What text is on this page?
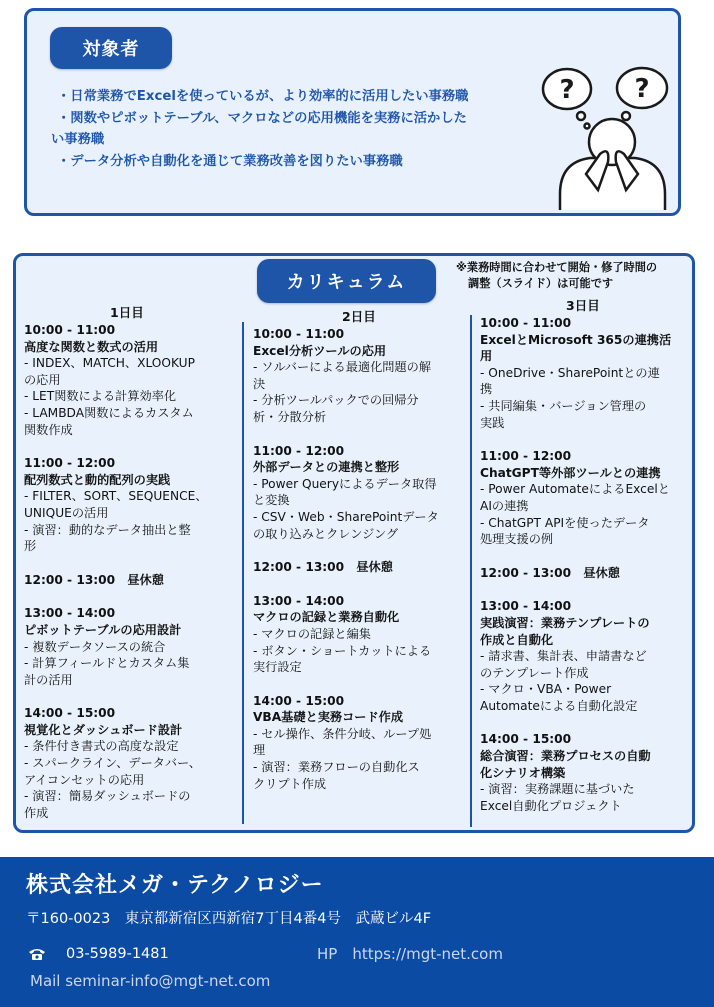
対象者
・日常業務でExcelを使っているが、より効率的に活用したい事務職
・関数やピボットテーブル、マクロなどの応用機能を実務に活かした
い事務職
・データ分析や自動化を通じて業務改善を図りたい事務職
? ?
カリキュラム
※業務時間に合わせて開始・修了時間の
調整（スライド）は可能です
1日目	2日目
3日目
10:00 - 11:00
高度な関数と数式の活用
- INDEX、MATCH、XLOOKUP
の応用
- LET関数による計算効率化
- LAMBDA関数によるカスタム
関数作成
11:00 - 12:00
配列数式と動的配列の実践
- FILTER、SORT、SEQUENCE、
UNIQUEの活用
- 演習：動的なデータ抽出と整
形
12:00 - 13:00　昼休憩
13:00 - 14:00
ピボットテーブルの応用設計
- 複数データソースの統合
- 計算フィールドとカスタム集
計の活用
14:00 - 15:00
視覚化とダッシュボード設計
- 条件付き書式の高度な設定
- スパークライン、データバー、
アイコンセットの応用
- 演習：簡易ダッシュボードの
作成
10:00 - 11:00
Excel分析ツールの応用
- ソルバーによる最適化問題の解
決
- 分析ツールパックでの回帰分
析・分散分析
11:00 - 12:00
外部データとの連携と整形
- Power Queryによるデータ取得
と変換
- CSV・Web・SharePointデータ
の取り込みとクレンジング
12:00 - 13:00　昼休憩
13:00 - 14:00
マクロの記録と業務自動化
- マクロの記録と編集
- ボタン・ショートカットによる
実行設定
14:00 - 15:00
VBA基礎と実務コード作成
- セル操作、条件分岐、ループ処
理
- 演習：業務フローの自動化ス
クリプト作成
10:00 - 11:00
ExcelとMicrosoft 365の連携活
用
- OneDrive・SharePointとの連
携
- 共同編集・バージョン管理の
実践
11:00 - 12:00
ChatGPT等外部ツールとの連携
- Power AutomateによるExcelと
AIの連携
- ChatGPT APIを使ったデータ
処理支援の例
12:00 - 13:00　昼休憩
13:00 - 14:00
実践演習：業務テンプレートの
作成と自動化
- 請求書、集計表、申請書など
のテンプレート作成
- マクロ・VBA・Power
Automateによる自動化設定
14:00 - 15:00
総合演習：業務プロセスの自動
化シナリオ構築
- 演習：実務課題に基づいた
Excel自動化プロジェクト
株式会社メガ・テクノロジー
〒160-0023　東京都新宿区西新宿7丁目4番4号　武蔵ビル4F
03-5989-1481	HP　https://mgt-net.com
Mail seminar-info@mgt-net.com
